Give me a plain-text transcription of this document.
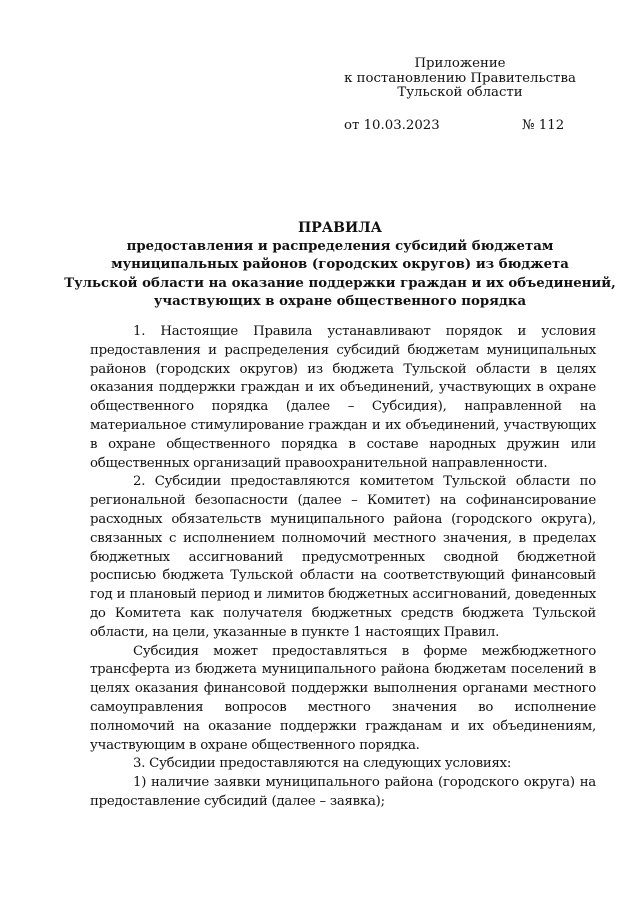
Приложение
к постановлению Правительства
Тульской области
от 10.03.2023	№ 112
ПРАВИЛА
предоставления и распределения субсидий бюджетам
муниципальных районов (городских округов) из бюджета
Тульской области на оказание поддержки граждан и их объединений,
участвующих в охране общественного порядка

1. Настоящие Правила устанавливают порядок и условия предоставления и распределения субсидий бюджетам муниципальных районов (городских округов) из бюджета Тульской области в целях оказания поддержки граждан и их объединений, участвующих в охране общественного порядка (далее – Субсидия), направленной на материальное стимулирование граждан и их объединений, участвующих в охране общественного порядка в составе народных дружин или общественных организаций правоохранительной направленности.

2. Субсидии предоставляются комитетом Тульской области по региональной безопасности (далее – Комитет) на софинансирование расходных обязательств муниципального района (городского округа), связанных с исполнением полномочий местного значения, в пределах бюджетных ассигнований предусмотренных сводной бюджетной росписью бюджета Тульской области на соответствующий финансовый год и плановый период и лимитов бюджетных ассигнований, доведенных до Комитета как получателя бюджетных средств бюджета Тульской области, на цели, указанные в пункте 1 настоящих Правил.

Субсидия может предоставляться в форме межбюджетного трансферта из бюджета муниципального района бюджетам поселений в целях оказания финансовой поддержки выполнения органами местного самоуправления вопросов местного значения во исполнение полномочий на оказание поддержки гражданам и их объединениям, участвующим в охране общественного порядка.

3. Субсидии предоставляются на следующих условиях:

1) наличие заявки муниципального района (городского округа) на предоставление субсидий (далее – заявка);
